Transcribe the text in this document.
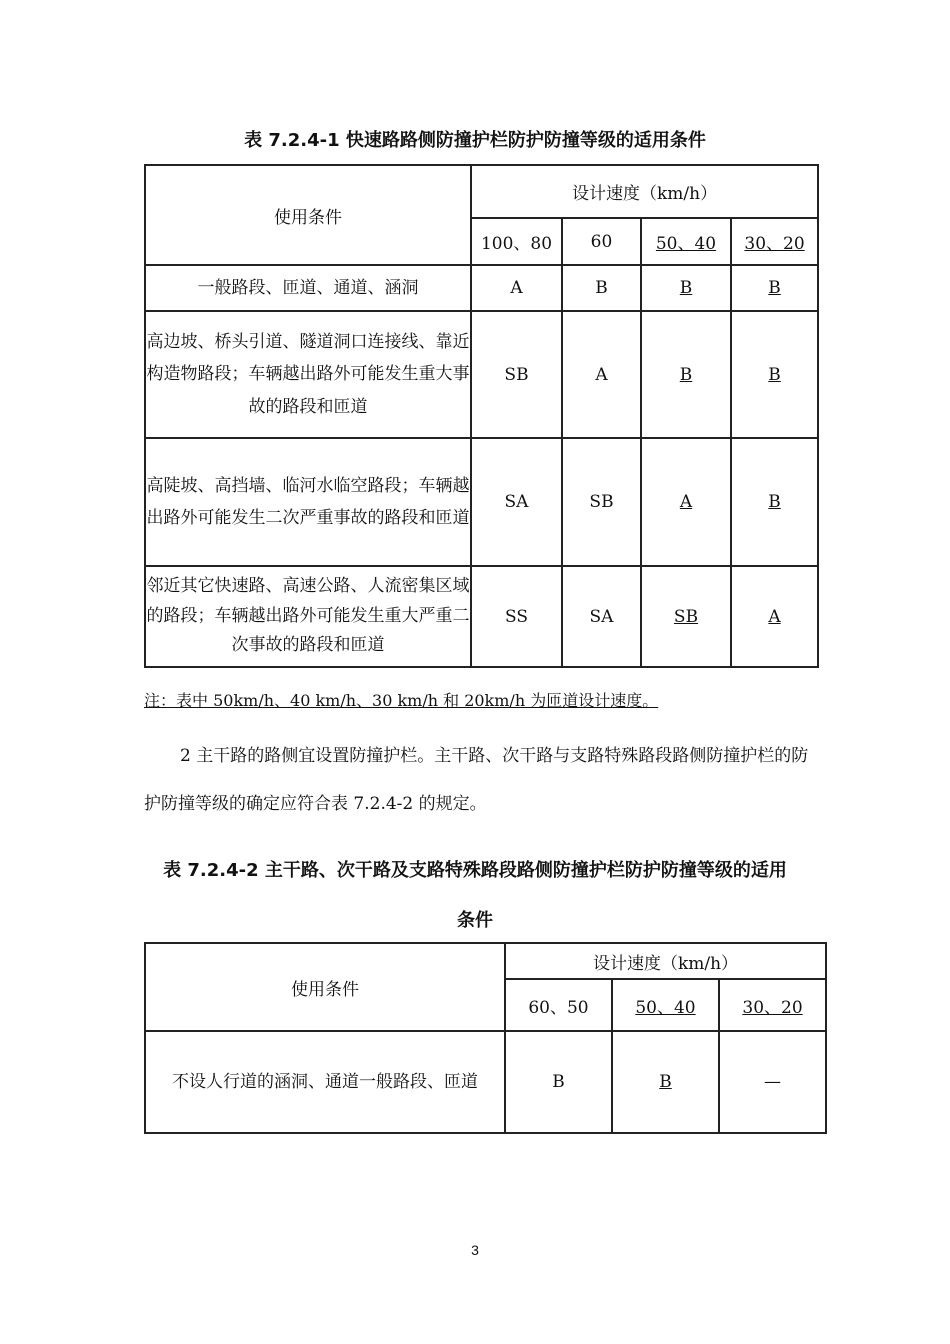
表 7.2.4-1 快速路路侧防撞护栏防护防撞等级的适用条件
使用条件	设计速度（km/h）			
	100、80	60	50、40	30、20
一般路段、匝道、通道、涵洞	A	B	B	B
高边坡、桥头引道、隧道洞口连接线、靠近构造物路段；车辆越出路外可能发生重大事故的路段和匝道	SB	A	B	B
高陡坡、高挡墙、临河水临空路段；车辆越出路外可能发生二次严重事故的路段和匝道	SA	SB	A	B
邻近其它快速路、高速公路、人流密集区域的路段；车辆越出路外可能发生重大严重二次事故的路段和匝道	SS	SA	SB	A
注：表中 50km/h、40 km/h、30 km/h 和 20km/h 为匝道设计速度。
2 主干路的路侧宜设置防撞护栏。主干路、次干路与支路特殊路段路侧防撞护栏的防护防撞等级的确定应符合表 7.2.4-2 的规定。
表 7.2.4-2 主干路、次干路及支路特殊路段路侧防撞护栏防护防撞等级的适用
条件
使用条件	设计速度（km/h）		
	60、50	50、40	30、20
不设人行道的涵洞、通道一般路段、匝道	B	B	—
3
